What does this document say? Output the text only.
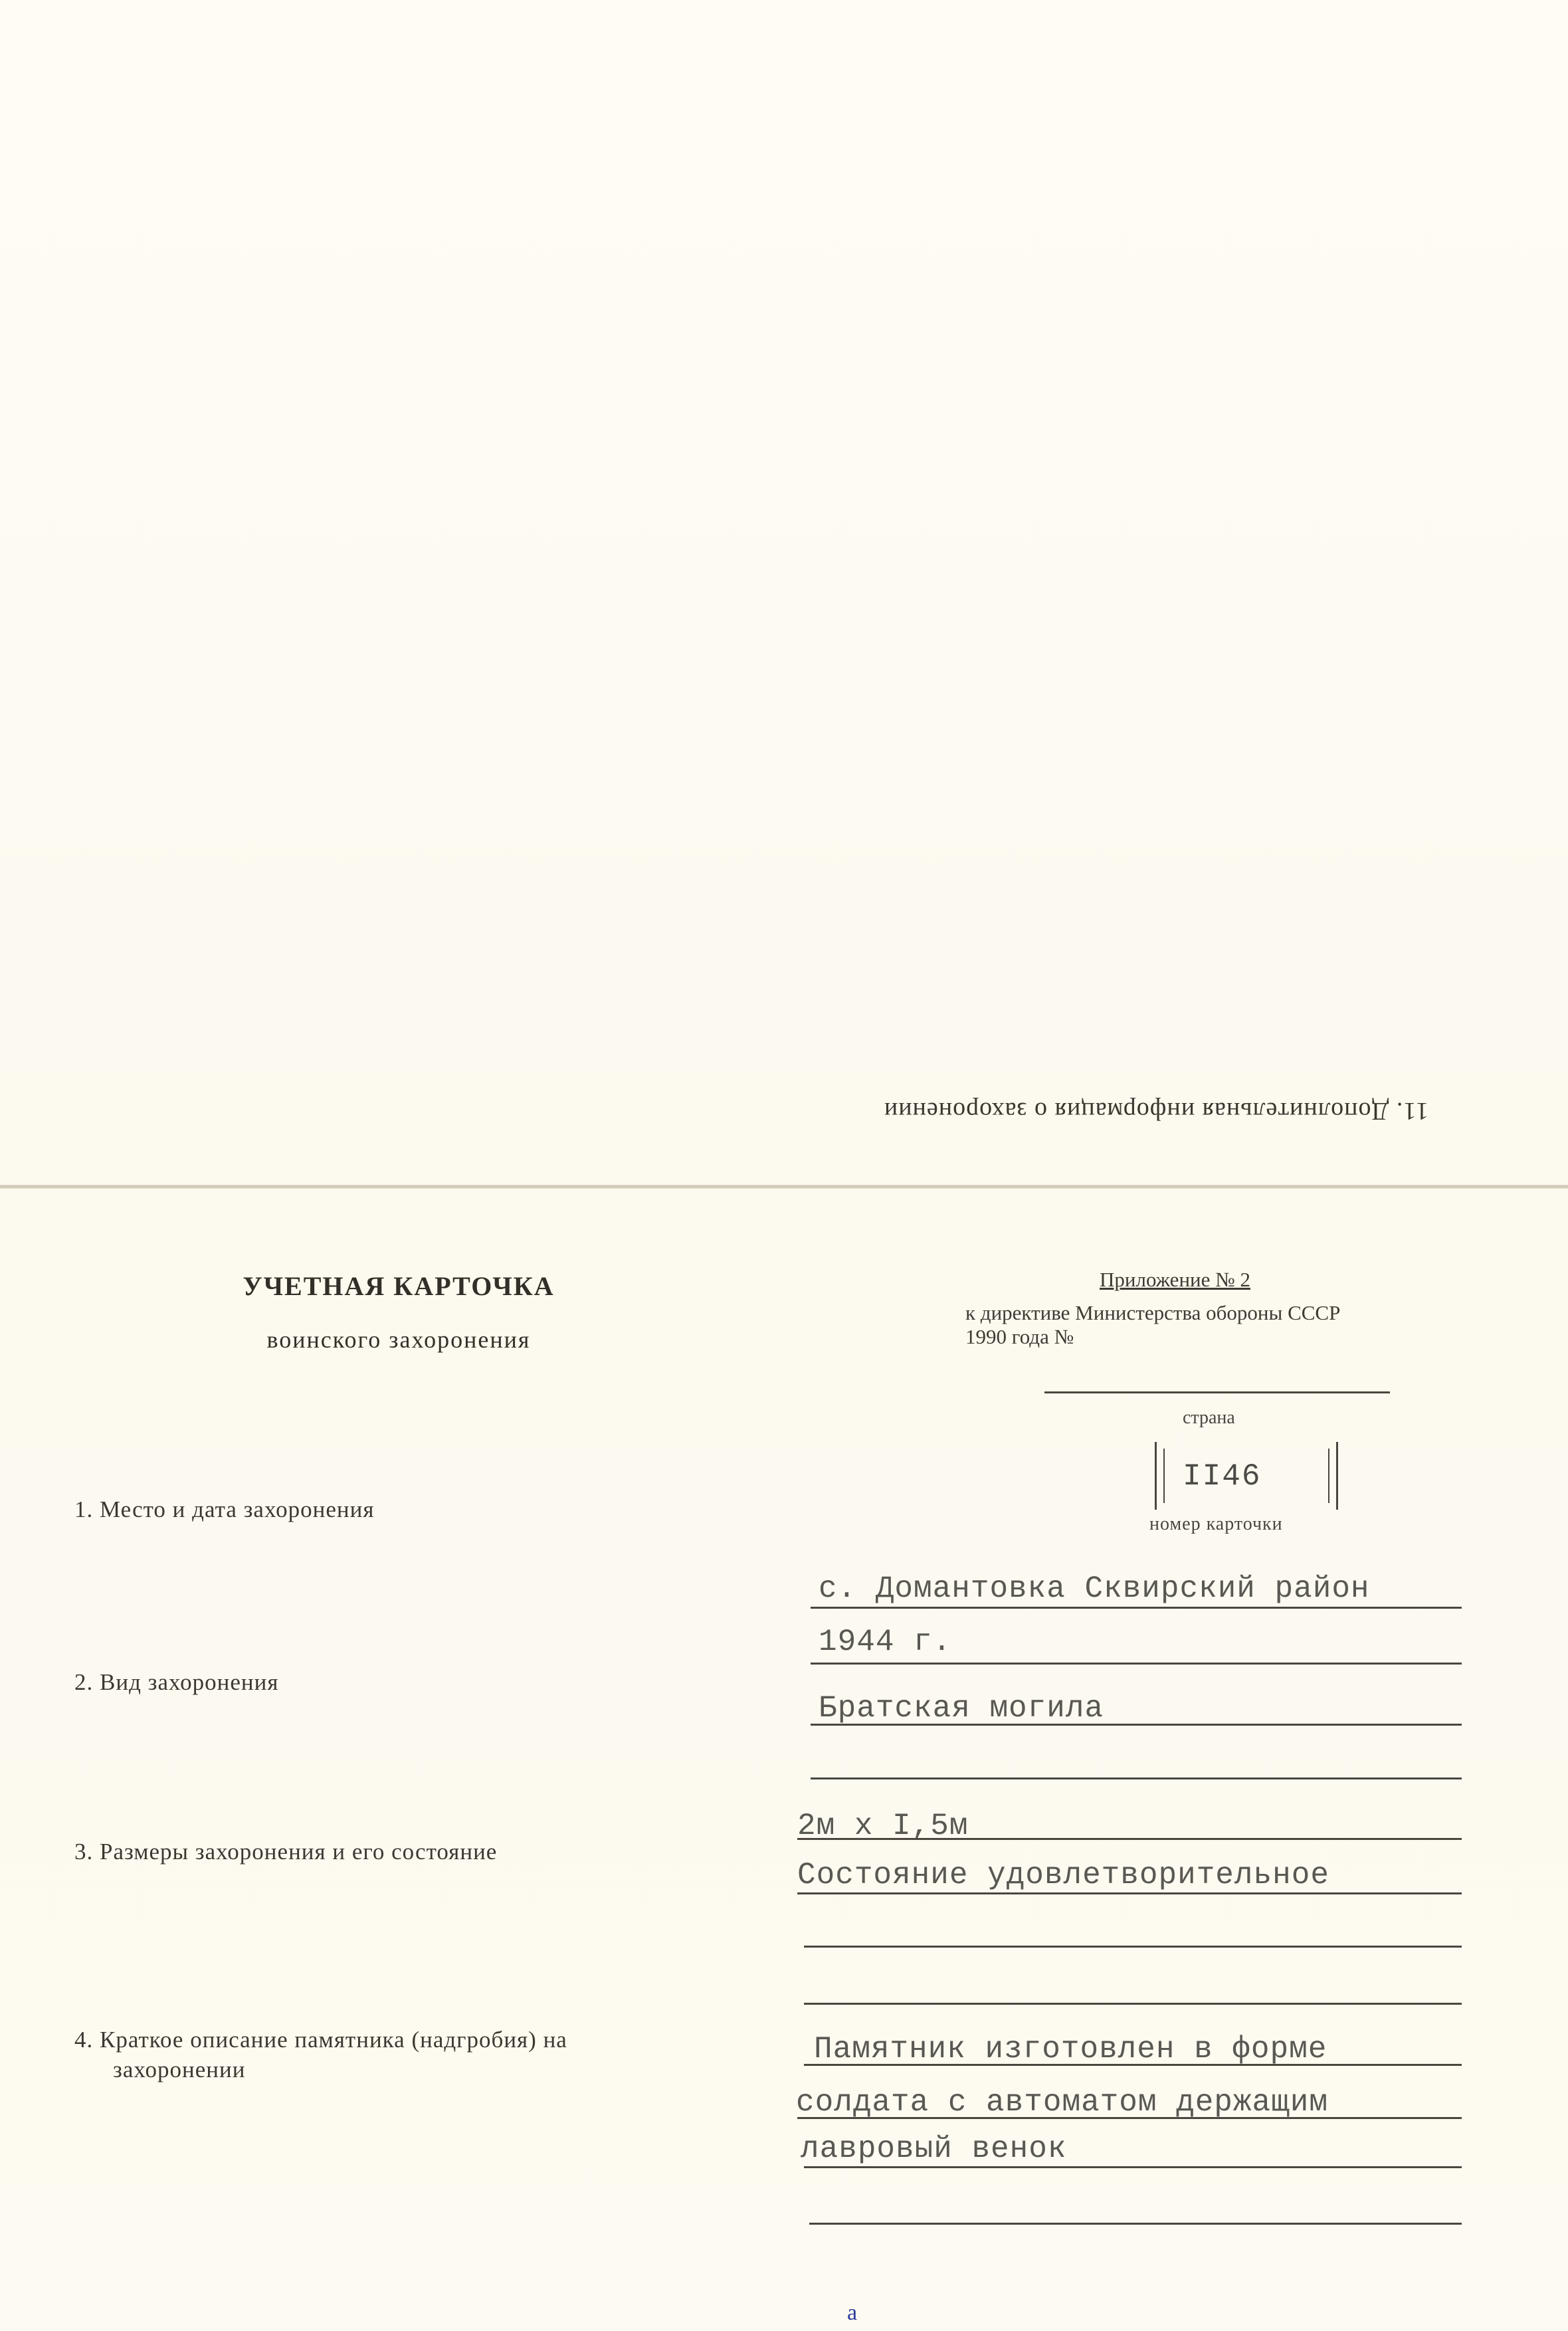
11. Дополнительная информация о захоронении
УЧЕТНАЯ КАРТОЧКА
воинского захоронения
Приложение № 2
к директиве Министерства обороны СССР
1990 года №
страна
II46
номер карточки
1. Место и дата захоронения
с. Домантовка Сквирский район
1944 г.
2. Вид захоронения
Братская могила
3. Размеры захоронения и его состояние
2м х I,5м
Состояние удовлетворительное
4. Краткое описание памятника (надгробия) на
захоронении
Памятник изготовлен в форме
солдата с автоматом держащим
лавровый венок
а
